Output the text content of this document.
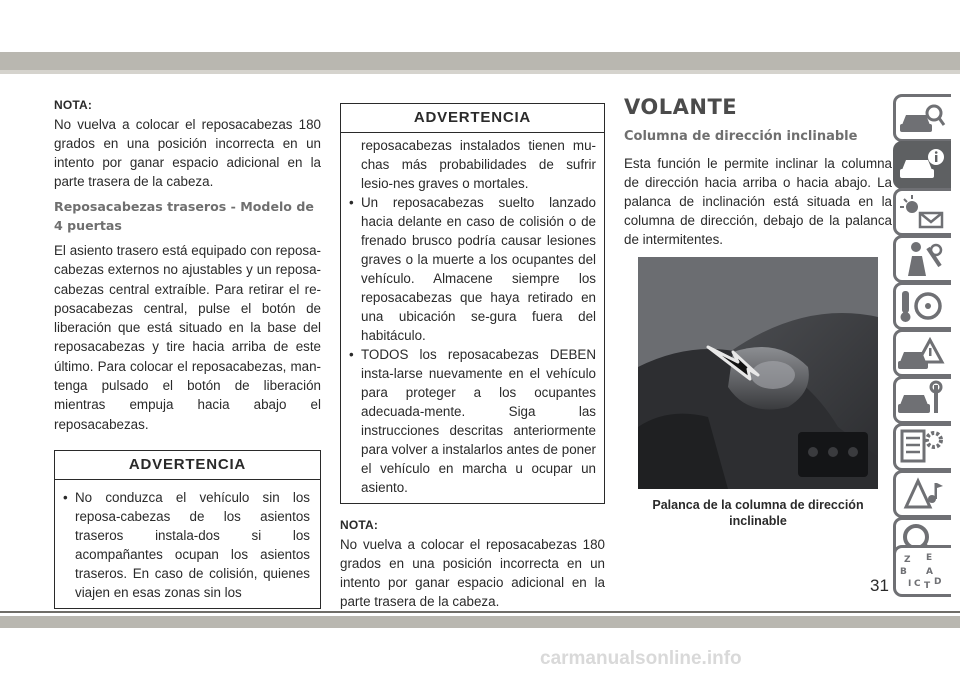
NOTA:

No vuelva a colocar el reposacabezas 180 grados en una posición incorrecta en un intento por ganar espacio adicional en la parte trasera de la cabeza.

Reposacabezas traseros - Modelo de
4 puertas

El asiento trasero está equipado con reposa-cabezas externos no ajustables y un reposa-cabezas central extraíble. Para retirar el re-posacabezas central, pulse el botón de liberación que está situado en la base del reposacabezas y tire hacia arriba de este último. Para colocar el reposacabezas, man-tenga pulsado el botón de liberación mientras empuja hacia abajo el reposacabezas.

ADVERTENCIA
• No conduzca el vehículo sin los reposa-cabezas de los asientos traseros instala-dos si los acompañantes ocupan los asientos traseros. En caso de colisión, quienes viajen en esas zonas sin los
ADVERTENCIA
reposacabezas instalados tienen mu-chas más probabilidades de sufrir lesio-nes graves o mortales.
• Un reposacabezas suelto lanzado hacia delante en caso de colisión o de frenado brusco podría causar lesiones graves o la muerte a los ocupantes del vehículo. Almacene siempre los reposacabezas que haya retirado en una ubicación se-gura fuera del habitáculo.
• TODOS los reposacabezas DEBEN insta-larse nuevamente en el vehículo para proteger a los ocupantes adecuada-mente. Siga las instrucciones descritas anteriormente para volver a instalarlos antes de poner el vehículo en marcha u ocupar un asiento.
NOTA:

No vuelva a colocar el reposacabezas 180 grados en una posición incorrecta en un intento por ganar espacio adicional en la parte trasera de la cabeza.

VOLANTE
Columna de dirección inclinable

Esta función le permite inclinar la columna de dirección hacia arriba o hacia abajo. La palanca de inclinación está situada en la columna de dirección, debajo de la palanca de intermitentes.

Palanca de la columna de dirección
inclinable
Z E
B A
I C T D
31
carmanualsonline.info
